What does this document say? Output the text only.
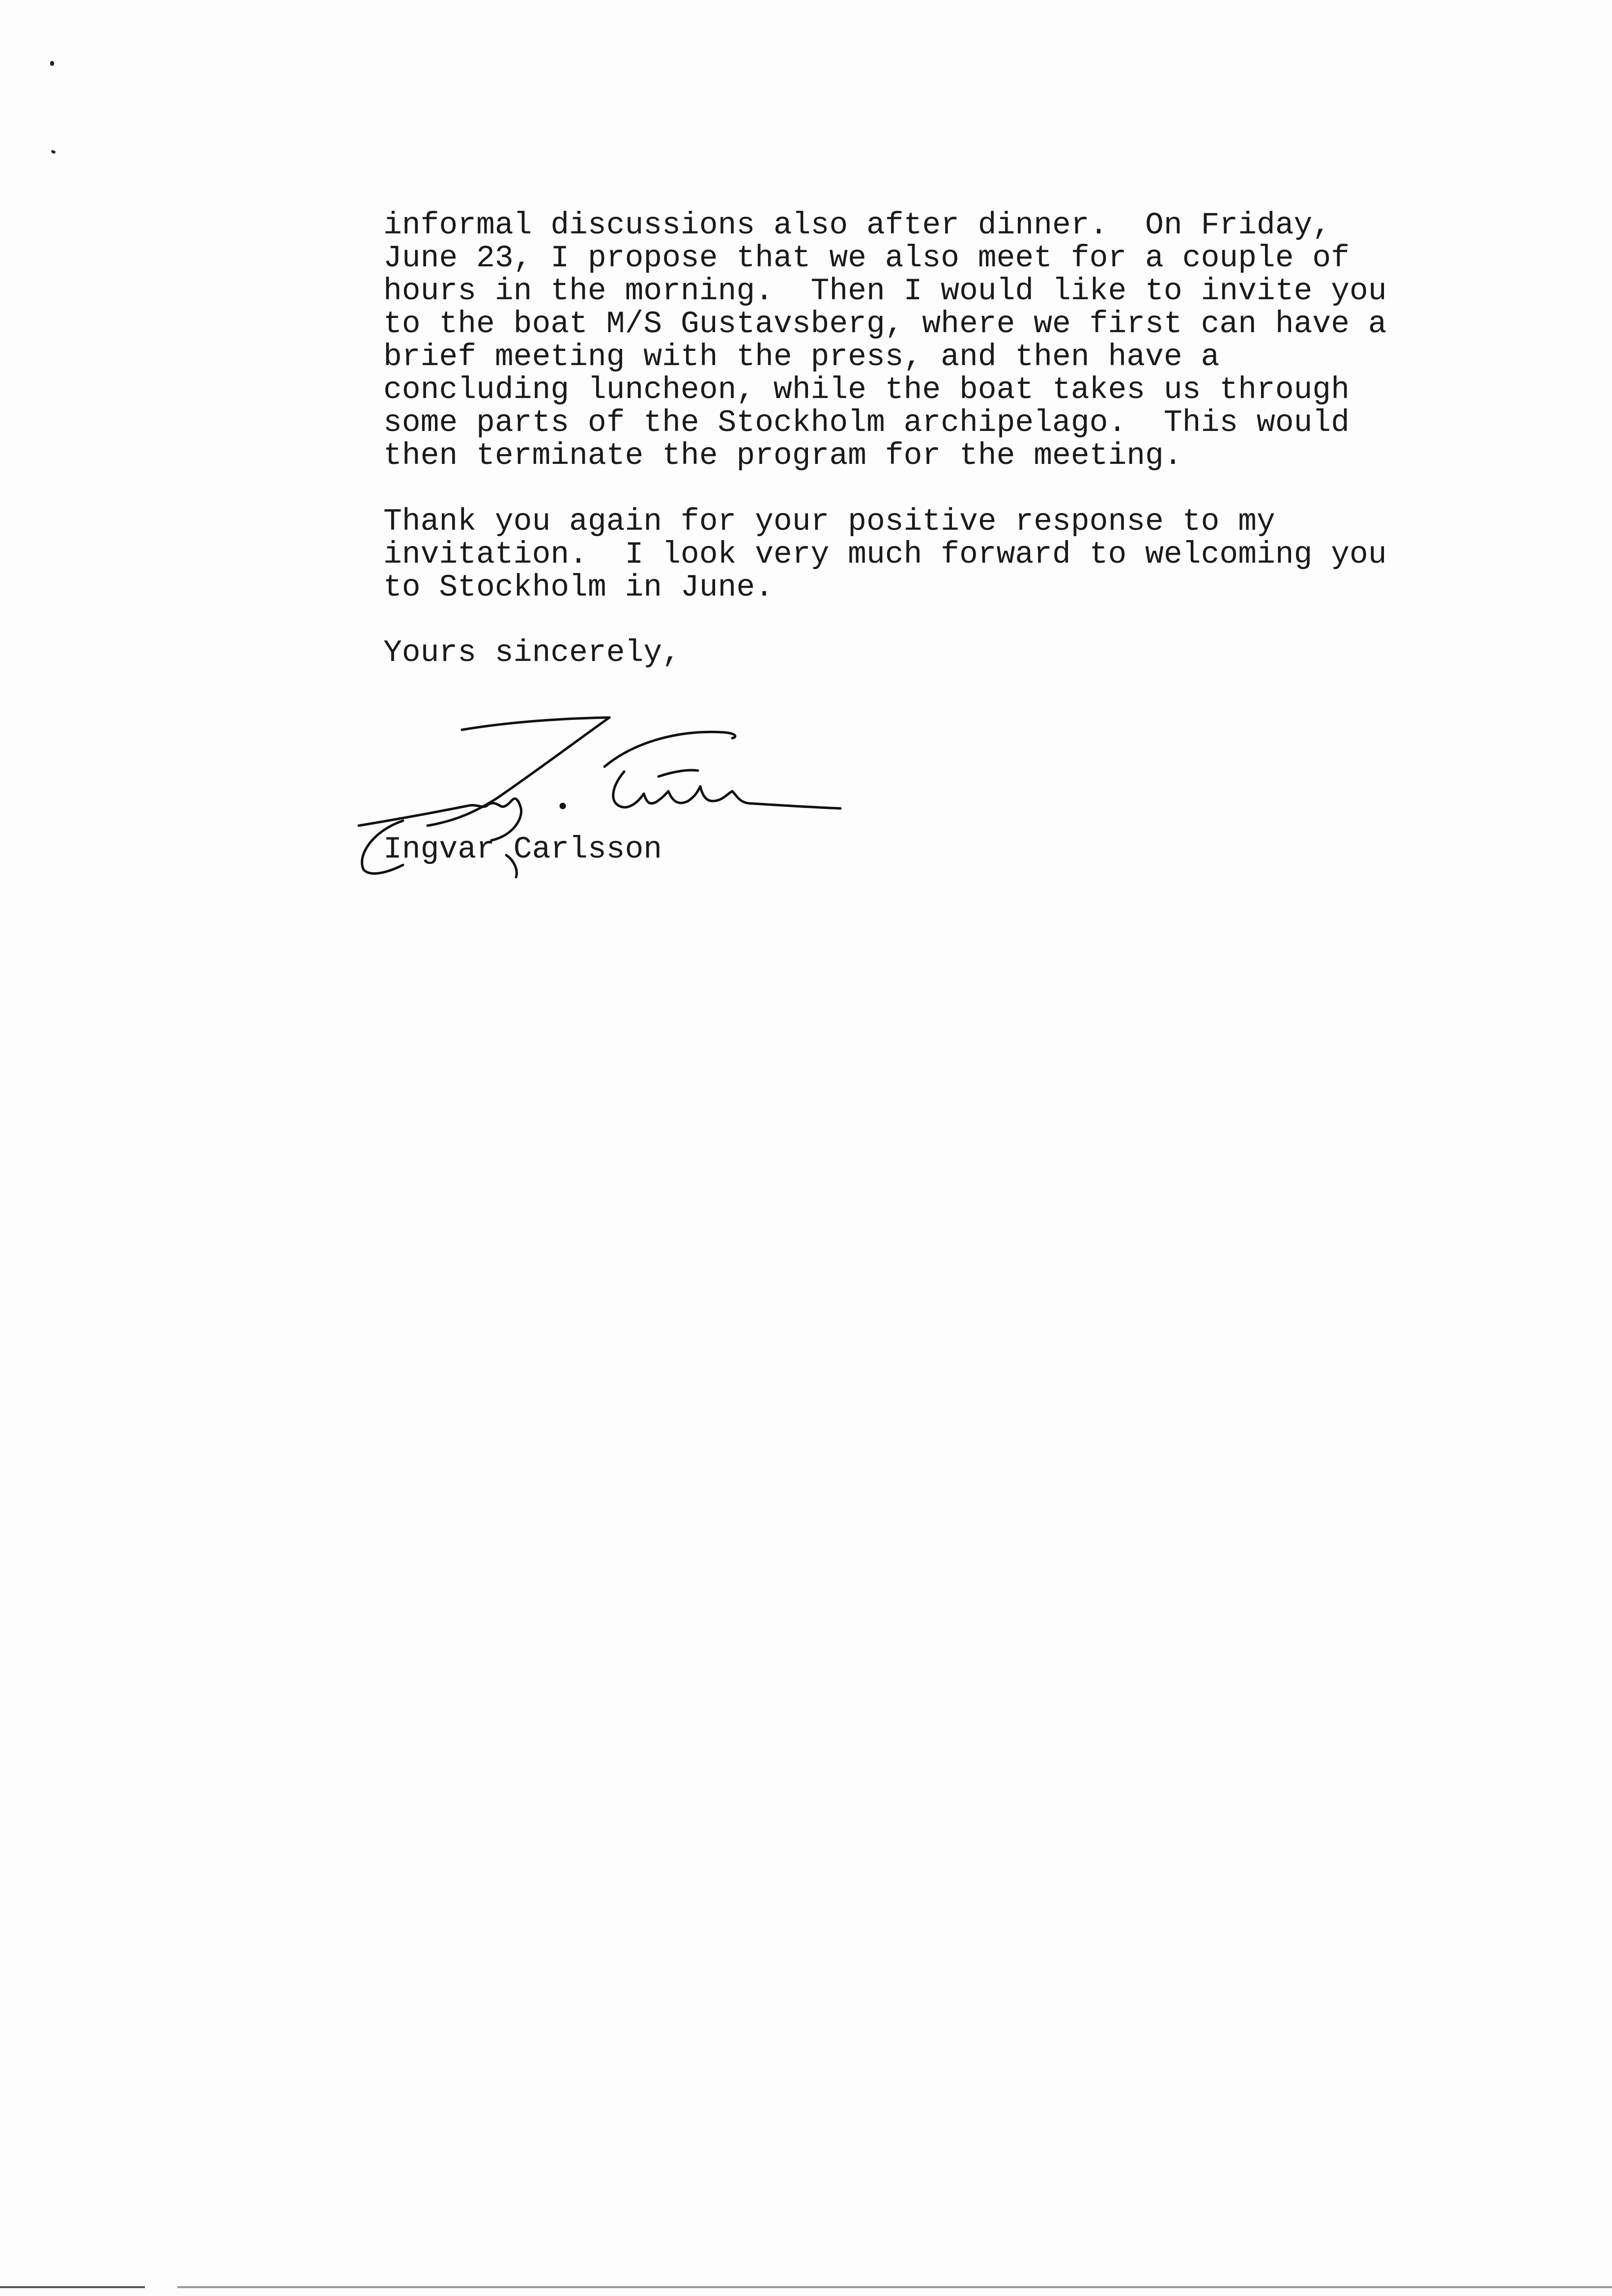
informal discussions also after dinner.  On Friday,
June 23, I propose that we also meet for a couple of
hours in the morning.  Then I would like to invite you
to the boat M/S Gustavsberg, where we first can have a
brief meeting with the press, and then have a
concluding luncheon, while the boat takes us through
some parts of the Stockholm archipelago.  This would
then terminate the program for the meeting.

Thank you again for your positive response to my
invitation.  I look very much forward to welcoming you
to Stockholm in June.

Yours sincerely,

Ingvar Carlsson
